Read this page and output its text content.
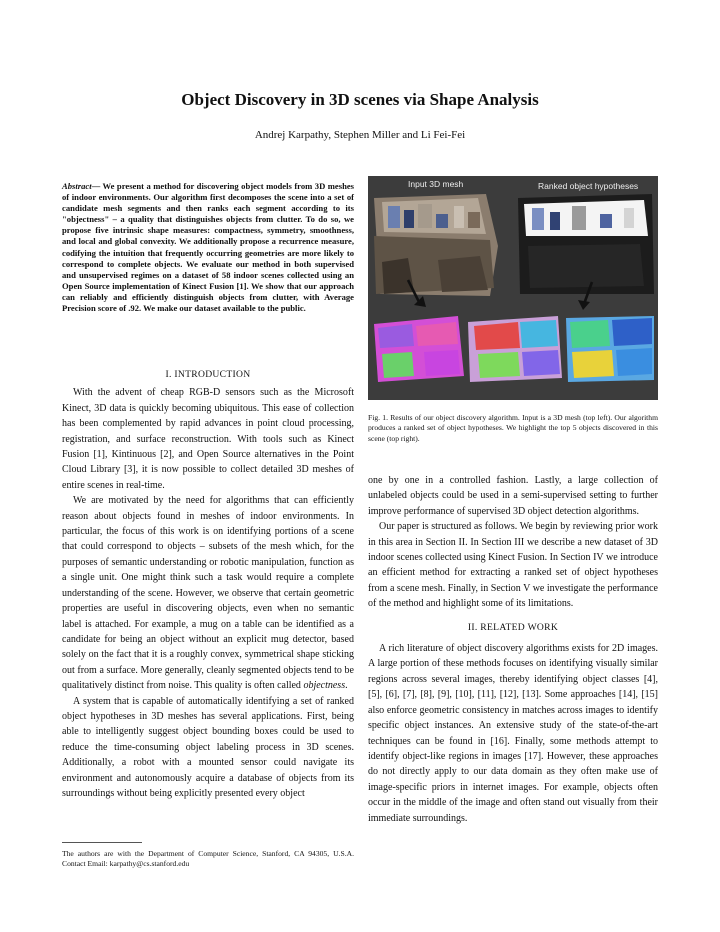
Object Discovery in 3D scenes via Shape Analysis
Andrej Karpathy, Stephen Miller and Li Fei-Fei
Abstract— We present a method for discovering object models from 3D meshes of indoor environments. Our algorithm first decomposes the scene into a set of candidate mesh segments and then ranks each segment according to its "objectness" – a quality that distinguishes objects from clutter. To do so, we propose five intrinsic shape measures: compactness, symmetry, smoothness, and local and global convexity. We additionally propose a recurrence measure, codifying the intuition that frequently occurring geometries are more likely to correspond to complete objects. We evaluate our method in both supervised and unsupervised regimes on a dataset of 58 indoor scenes collected using an Open Source implementation of Kinect Fusion [1]. We show that our approach can reliably and efficiently distinguish objects from clutter, with Average Precision score of .92. We make our dataset available to the public.
I. INTRODUCTION

With the advent of cheap RGB-D sensors such as the Microsoft Kinect, 3D data is quickly becoming ubiquitous. This ease of collection has been complemented by rapid advances in point cloud processing, registration, and surface reconstruction. With tools such as Kinect Fusion [1], Kintinuous [2], and Open Source alternatives in the Point Cloud Library [3], it is now possible to collect detailed 3D meshes of entire scenes in real-time.

We are motivated by the need for algorithms that can efficiently reason about objects found in meshes of indoor environments. In particular, the focus of this work is on identifying portions of a scene that could correspond to objects – subsets of the mesh which, for the purposes of semantic understanding or robotic manipulation, function as a single unit. One might think such a task would require a complete understanding of the scene. However, we observe that certain geometric properties are useful in discovering objects, even when no semantic label is attached. For example, a mug on a table can be identified as a candidate for being an object without an explicit mug detector, based solely on the fact that it is a roughly convex, symmetrical shape sticking out from a surface. More generally, cleanly segmented objects tend to be qualitatively distinct from noise. This quality is often called objectness.

A system that is capable of automatically identifying a set of ranked object hypotheses in 3D meshes has several applications. First, being able to intelligently suggest object bounding boxes could be used to reduce the time-consuming object labeling process in 3D scenes. Additionally, a robot with a mounted sensor could navigate its environment and autonomously acquire a database of objects from its surroundings without being explicitly presented every object

The authors are with the Department of Computer Science, Stanford, CA 94305, U.S.A. Contact Email: karpathy@cs.stanford.edu
Input 3D mesh	Ranked object hypotheses
Fig. 1. Results of our object discovery algorithm. Input is a 3D mesh (top left). Our algorithm produces a ranked set of object hypotheses. We highlight the top 5 objects discovered in this scene (top right).

one by one in a controlled fashion. Lastly, a large collection of unlabeled objects could be used in a semi-supervised setting to further improve performance of supervised 3D object detection algorithms.

Our paper is structured as follows. We begin by reviewing prior work in this area in Section II. In Section III we describe a new dataset of 3D indoor scenes collected using Kinect Fusion. In Section IV we introduce an efficient method for extracting a ranked set of object hypotheses from a scene mesh. Finally, in Section V we investigate the performance of the method and highlight some of its limitations.

II. RELATED WORK

A rich literature of object discovery algorithms exists for 2D images. A large portion of these methods focuses on identifying visually similar regions across several images, thereby identifying object classes [4], [5], [6], [7], [8], [9], [10], [11], [12], [13]. Some approaches [14], [15] also enforce geometric consistency in matches across images to identify specific object instances. An extensive study of the state-of-the-art techniques can be found in [16]. Finally, some methods attempt to identify object-like regions in images [17]. However, these approaches do not directly apply to our data domain as they often make use of image-specific priors in internet images. For example, objects often occur in the middle of the image and often stand out visually from their immediate surroundings.
